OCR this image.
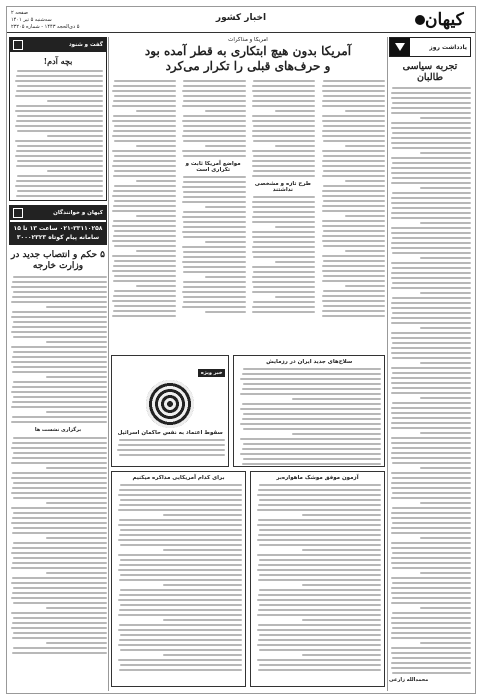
کیهان
اخبار کشور
صفحه ۲
سه‌شنبه ۵ تیر ۱۴۰۱
۵ ذی‌الحجه ۱۴۴۳ - شماره ۲۳۲۰۵
یادداشت روز
تجربه سیاسی طالبان
محمد‌الله زارعی
امریکا و مذاکرات
آمریکا بدون هیچ ابتکاری به قطر آمده بود
و حرف‌های قبلی را تکرار می‌کرد
طرح تازه و مشخصی نداشتند
مواضع آمریکا ثابت و تکراری است
گفت و شنود
بچه آدم!
کیهان و خوانندگان
۰۲۱-۳۳۱۱۰۲۵۸ ساعت ۱۳ تا ۱۵
سامانه پیام کوتاه ۳۰۰۰۲۳۲۳
۵ حکم و انتصاب جدید در وزارت خارجه
برگزاری نشست ها
سلاح‌های جدید ایران در رزمایش
خبر ویژه
سقوط اعتماد به نفس حاکمان اسرائیل
آزمون موفق موشک ماهواره‌بر
برای کدام آمریکایی مذاکره میکنیم
